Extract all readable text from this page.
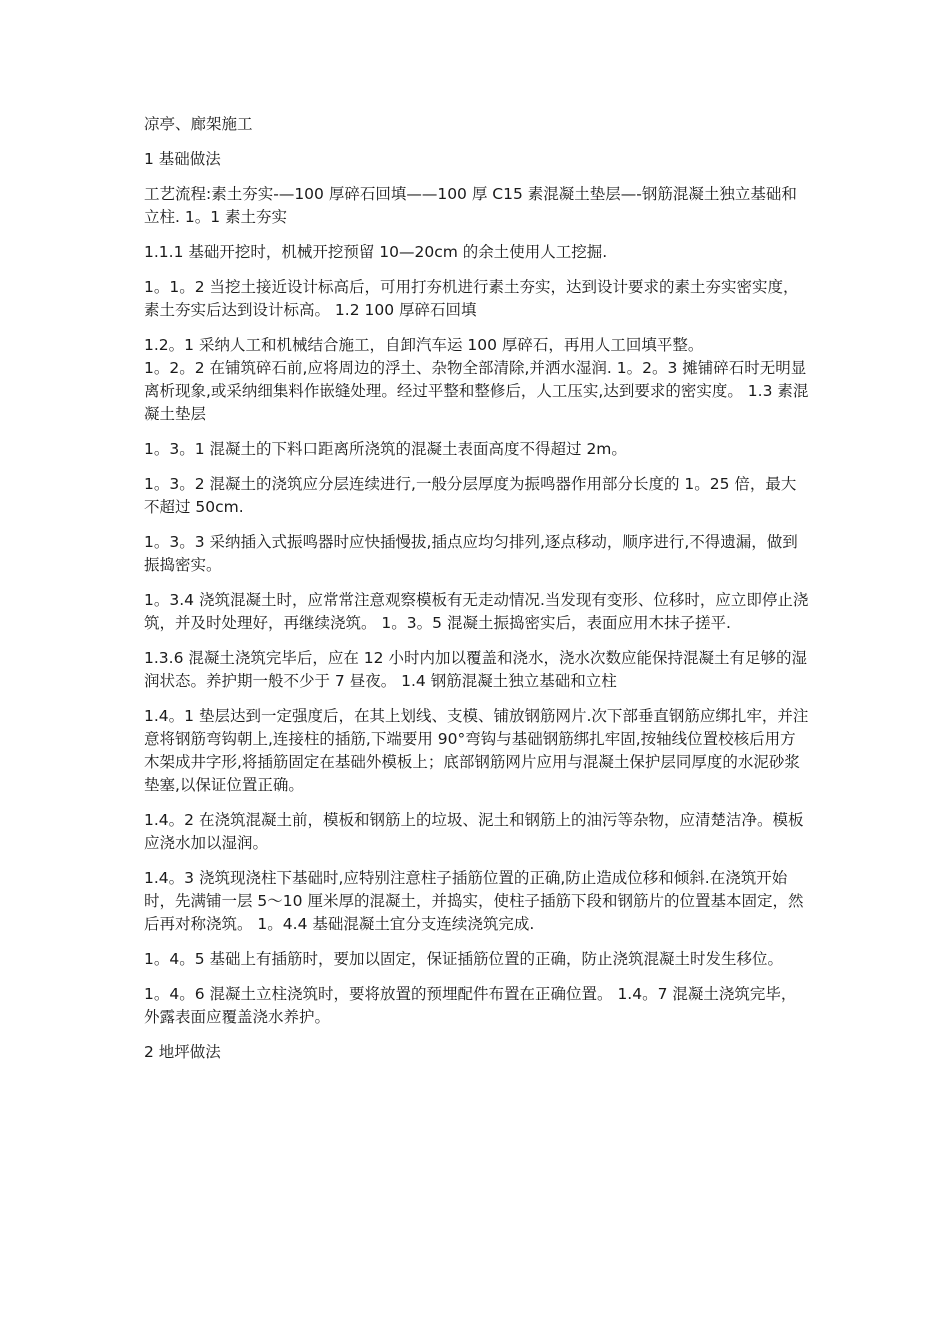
凉亭、廊架施工

1 基础做法

工艺流程:素土夯实-—100 厚碎石回填——100 厚 C15 素混凝土垫层—-钢筋混凝土独立基础和立柱. 1。1 素土夯实

1.1.1 基础开挖时，机械开挖预留 10—20cm 的余土使用人工挖掘.

1。1。2 当挖土接近设计标高后，可用打夯机进行素土夯实，达到设计要求的素土夯实密实度，素土夯实后达到设计标高。 1.2 100 厚碎石回填

1.2。1 采纳人工和机械结合施工，自卸汽车运 100 厚碎石，再用人工回填平整。

1。2。2 在铺筑碎石前,应将周边的浮土、杂物全部清除,并洒水湿润. 1。2。3 摊铺碎石时无明显离析现象,或采纳细集料作嵌缝处理。经过平整和整修后，人工压实,达到要求的密实度。 1.3 素混凝土垫层

1。3。1 混凝土的下料口距离所浇筑的混凝土表面高度不得超过 2m。

1。3。2 混凝土的浇筑应分层连续进行,一般分层厚度为振鸣器作用部分长度的 1。25 倍，最大不超过 50cm.

1。3。3 采纳插入式振鸣器时应快插慢拔,插点应均匀排列,逐点移动，顺序进行,不得遗漏，做到振捣密实。

1。3.4 浇筑混凝土时，应常常注意观察模板有无走动情况.当发现有变形、位移时，应立即停止浇筑，并及时处理好，再继续浇筑。 1。3。5 混凝土振捣密实后，表面应用木抹子搓平.

1.3.6 混凝土浇筑完毕后，应在 12 小时内加以覆盖和浇水，浇水次数应能保持混凝土有足够的湿润状态。养护期一般不少于 7 昼夜。 1.4 钢筋混凝土独立基础和立柱

1.4。1 垫层达到一定强度后，在其上划线、支模、铺放钢筋网片.次下部垂直钢筋应绑扎牢，并注意将钢筋弯钩朝上,连接柱的插筋,下端要用 90°弯钩与基础钢筋绑扎牢固,按轴线位置校核后用方木架成井字形,将插筋固定在基础外模板上；底部钢筋网片应用与混凝土保护层同厚度的水泥砂浆垫塞,以保证位置正确。

1.4。2 在浇筑混凝土前，模板和钢筋上的垃圾、泥土和钢筋上的油污等杂物，应清楚洁净。模板应浇水加以湿润。

1.4。3 浇筑现浇柱下基础时,应特别注意柱子插筋位置的正确,防止造成位移和倾斜.在浇筑开始时，先满铺一层 5～10 厘米厚的混凝土，并捣实，使柱子插筋下段和钢筋片的位置基本固定，然后再对称浇筑。 1。4.4 基础混凝土宜分支连续浇筑完成.

1。4。5 基础上有插筋时，要加以固定，保证插筋位置的正确，防止浇筑混凝土时发生移位。

1。4。6 混凝土立柱浇筑时，要将放置的预埋配件布置在正确位置。 1.4。7 混凝土浇筑完毕，外露表面应覆盖浇水养护。

2 地坪做法
